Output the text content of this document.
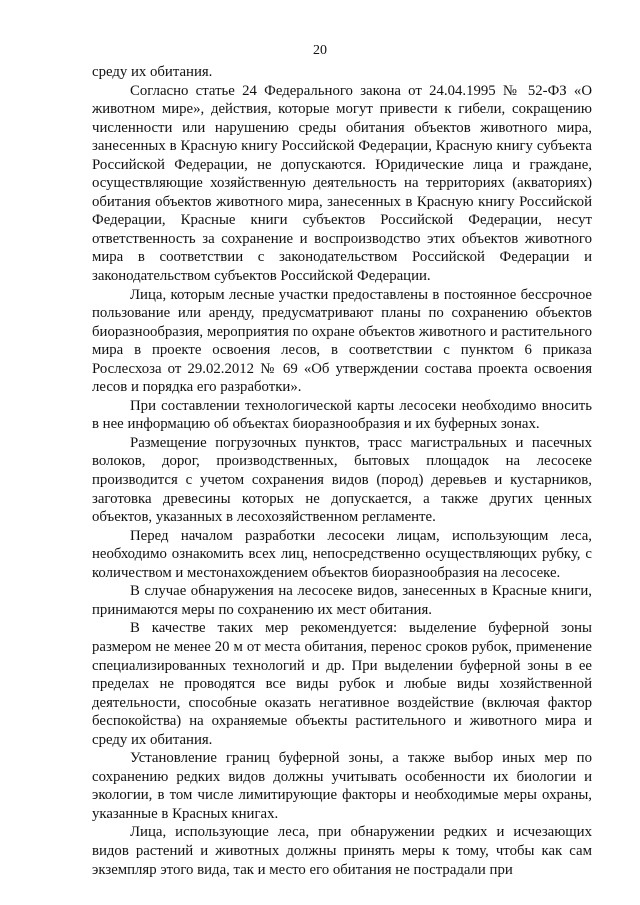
20

среду их обитания.

Согласно статье 24 Федерального закона от 24.04.1995 № 52-ФЗ «О животном мире», действия, которые могут привести к гибели, сокращению численности или нарушению среды обитания объектов животного мира, занесенных в Красную книгу Российской Федерации, Красную книгу субъекта Российской Федерации, не допускаются. Юридические лица и граждане, осуществляющие хозяйственную деятельность на территориях (акваториях) обитания объектов животного мира, занесенных в Красную книгу Российской Федерации, Красные книги субъектов Российской Федерации, несут ответственность за сохранение и воспроизводство этих объектов животного мира в соответствии с законодательством Российской Федерации и законодательством субъектов Российской Федерации.

Лица, которым лесные участки предоставлены в постоянное бессрочное пользование или аренду, предусматривают планы по сохранению объектов биоразнообразия, мероприятия по охране объектов животного и растительного мира в проекте освоения лесов, в соответствии с пунктом 6 приказа Рослесхоза от 29.02.2012 № 69 «Об утверждении состава проекта освоения лесов и порядка его разработки».

При составлении технологической карты лесосеки необходимо вносить в нее информацию об объектах биоразнообразия и их буферных зонах.

Размещение погрузочных пунктов, трасс магистральных и пасечных волоков, дорог, производственных, бытовых площадок на лесосеке производится с учетом сохранения видов (пород) деревьев и кустарников, заготовка древесины которых не допускается, а также других ценных объектов, указанных в лесохозяйственном регламенте.

Перед началом разработки лесосеки лицам, использующим леса, необходимо ознакомить всех лиц, непосредственно осуществляющих рубку, с количеством и местонахождением объектов биоразнообразия на лесосеке.

В случае обнаружения на лесосеке видов, занесенных в Красные книги, принимаются меры по сохранению их мест обитания.

В качестве таких мер рекомендуется: выделение буферной зоны размером не менее 20 м от места обитания, перенос сроков рубок, применение специализированных технологий и др. При выделении буферной зоны в ее пределах не проводятся все виды рубок и любые виды хозяйственной деятельности, способные оказать негативное воздействие (включая фактор беспокойства) на охраняемые объекты растительного и животного мира и среду их обитания.

Установление границ буферной зоны, а также выбор иных мер по сохранению редких видов должны учитывать особенности их биологии и экологии, в том числе лимитирующие факторы и необходимые меры охраны, указанные в Красных книгах.

Лица, использующие леса, при обнаружении редких и исчезающих видов растений и животных должны принять меры к тому, чтобы как сам экземпляр этого вида, так и место его обитания не пострадали при
